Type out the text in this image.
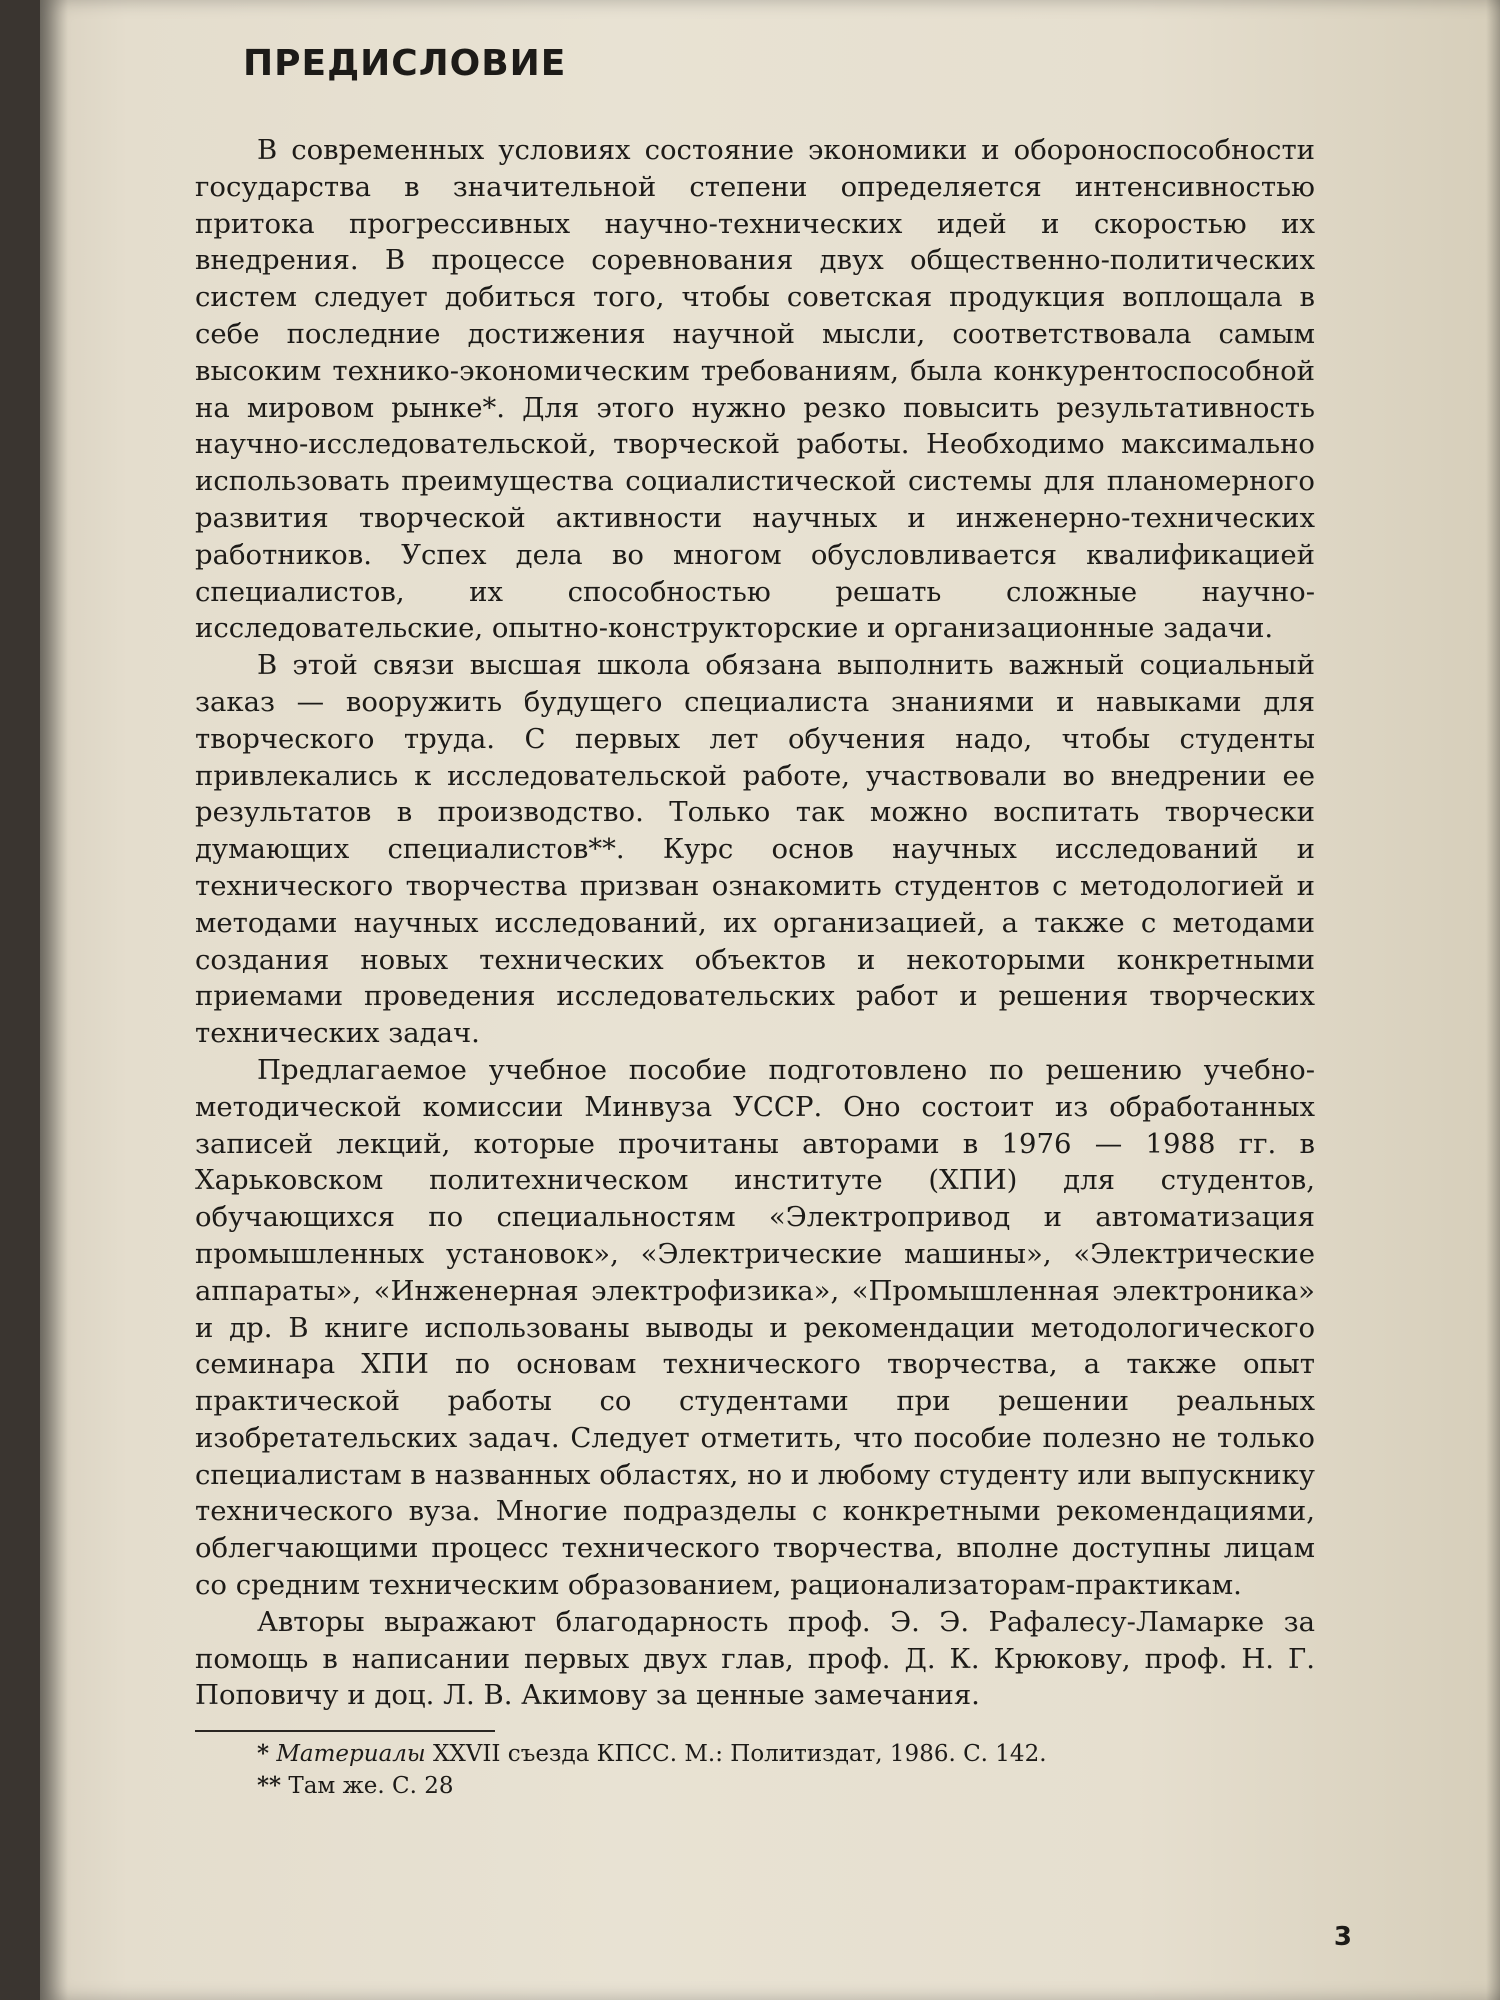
ПРЕДИСЛОВИЕ

В современных условиях состояние экономики и обороноспособности государства в значительной степени определяется интенсивностью притока прогрессивных научно-технических идей и скоростью их внедрения. В процессе соревнования двух общественно-политических систем следует добиться того, чтобы советская продукция воплощала в себе последние достижения научной мысли, соответствовала самым высоким технико-экономическим требованиям, была конкурентоспособной на мировом рынке*. Для этого нужно резко повысить результативность научно-исследовательской, творческой работы. Необходимо максимально использовать преимущества социалистической системы для планомерного развития творческой активности научных и инженерно-технических работников. Успех дела во многом обусловливается квалификацией специалистов, их способностью решать сложные научно-исследовательские, опытно-конструкторские и организационные задачи.

В этой связи высшая школа обязана выполнить важный социальный заказ — вооружить будущего специалиста знаниями и навыками для творческого труда. С первых лет обучения надо, чтобы студенты привлекались к исследовательской работе, участвовали во внедрении ее результатов в производство. Только так можно воспитать творчески думающих специалистов**. Курс основ научных исследований и технического творчества призван ознакомить студентов с методологией и методами научных исследований, их организацией, а также с методами создания новых технических объектов и некоторыми конкретными приемами проведения исследовательских работ и решения творческих технических задач.

Предлагаемое учебное пособие подготовлено по решению учебно-методической комиссии Минвуза УССР. Оно состоит из обработанных записей лекций, которые прочитаны авторами в 1976 — 1988 гг. в Харьковском политехническом институте (ХПИ) для студентов, обучающихся по специальностям «Электропривод и автоматизация промышленных установок», «Электрические машины», «Электрические аппараты», «Инженерная электрофизика», «Промышленная электроника» и др. В книге использованы выводы и рекомендации методологического семинара ХПИ по основам технического творчества, а также опыт практической работы со студентами при решении реальных изобретательских задач. Следует отметить, что пособие полезно не только специалистам в названных областях, но и любому студенту или выпускнику технического вуза. Многие подразделы с конкретными рекомендациями, облегчающими процесс технического творчества, вполне доступны лицам со средним техническим образованием, рационализаторам-практикам.

Авторы выражают благодарность проф. Э. Э. Рафалесу-Ламарке за помощь в написании первых двух глав, проф. Д. К. Крюкову, проф. Н. Г. Поповичу и доц. Л. В. Акимову за ценные замечания.

* Материалы XXVII съезда КПСС. М.: Политиздат, 1986. С. 142.
** Там же. С. 28
3
